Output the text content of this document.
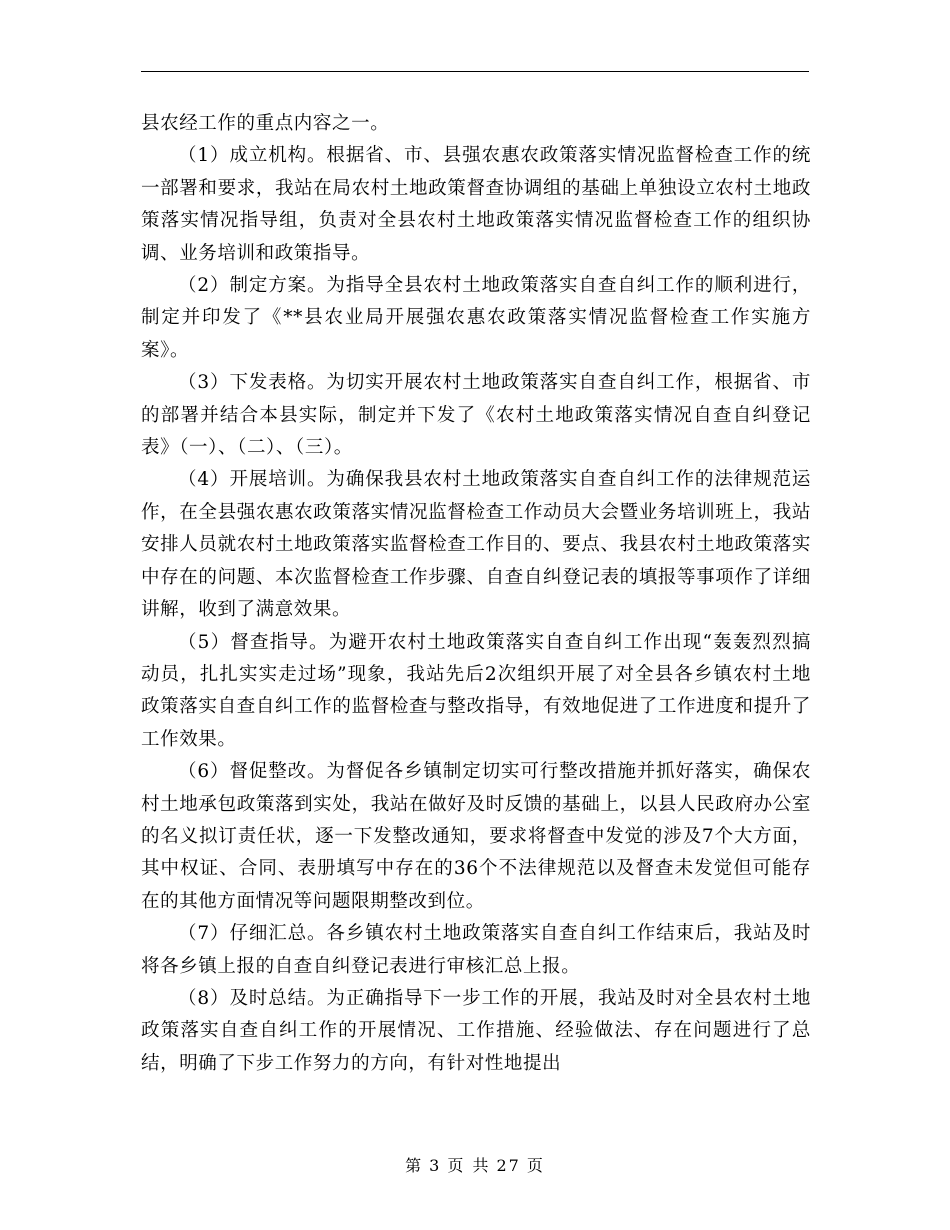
县农经工作的重点内容之一。

（1）成立机构。根据省、市、县强农惠农政策落实情况监督检查工作的统一部署和要求，我站在局农村土地政策督查协调组的基础上单独设立农村土地政策落实情况指导组，负责对全县农村土地政策落实情况监督检查工作的组织协调、业务培训和政策指导。

（2）制定方案。为指导全县农村土地政策落实自查自纠工作的顺利进行，制定并印发了《**县农业局开展强农惠农政策落实情况监督检查工作实施方案》。

（3）下发表格。为切实开展农村土地政策落实自查自纠工作，根据省、市的部署并结合本县实际，制定并下发了《农村土地政策落实情况自查自纠登记表》（一）、（二）、（三）。

（4）开展培训。为确保我县农村土地政策落实自查自纠工作的法律规范运作，在全县强农惠农政策落实情况监督检查工作动员大会暨业务培训班上，我站安排人员就农村土地政策落实监督检查工作目的、要点、我县农村土地政策落实中存在的问题、本次监督检查工作步骤、自查自纠登记表的填报等事项作了详细讲解，收到了满意效果。

（5）督查指导。为避开农村土地政策落实自查自纠工作出现“轰轰烈烈搞动员，扎扎实实走过场”现象，我站先后2次组织开展了对全县各乡镇农村土地政策落实自查自纠工作的监督检查与整改指导，有效地促进了工作进度和提升了工作效果。

（6）督促整改。为督促各乡镇制定切实可行整改措施并抓好落实，确保农村土地承包政策落到实处，我站在做好及时反馈的基础上，以县人民政府办公室的名义拟订责任状，逐一下发整改通知，要求将督查中发觉的涉及7个大方面，其中权证、合同、表册填写中存在的36个不法律规范以及督查未发觉但可能存在的其他方面情况等问题限期整改到位。

（7）仔细汇总。各乡镇农村土地政策落实自查自纠工作结束后，我站及时将各乡镇上报的自查自纠登记表进行审核汇总上报。

（8）及时总结。为正确指导下一步工作的开展，我站及时对全县农村土地政策落实自查自纠工作的开展情况、工作措施、经验做法、存在问题进行了总结，明确了下步工作努力的方向，有针对性地提出

第 3 页 共 27 页
